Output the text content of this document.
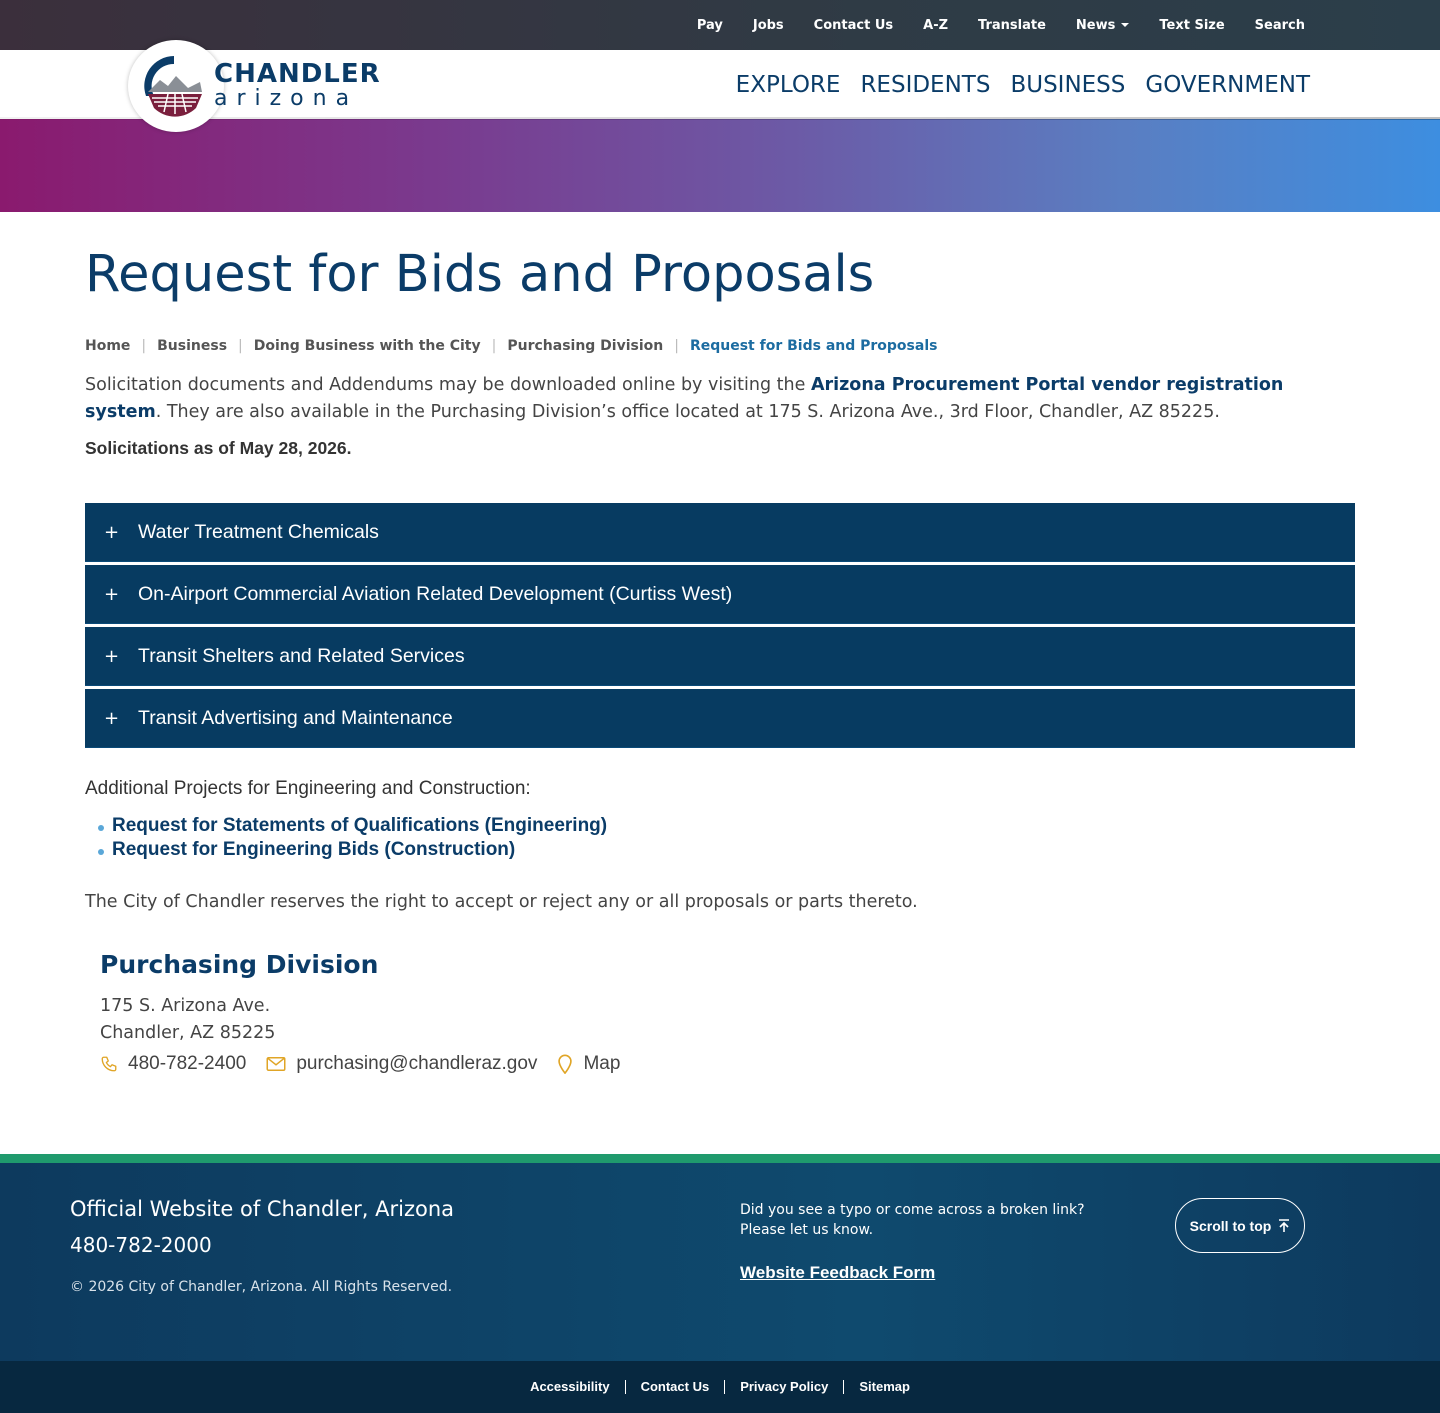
Pay Jobs Contact Us A-Z Translate News	Text Size Search
EXPLORE RESIDENTS BUSINESS GOVERNMENT
CHANDLER
arizona
Request for Bids and Proposals
Home | Business | Doing Business with the City | Purchasing Division | Request for Bids and Proposals

Solicitation documents and Addendums may be downloaded online by visiting the Arizona Procurement Portal vendor registration system. They are also available in the Purchasing Division’s office located at 175 S. Arizona Ave., 3rd Floor, Chandler, AZ 85225.

Solicitations as of May 28, 2026.

+ Water Treatment Chemicals
+ On-Airport Commercial Aviation Related Development (Curtiss West)
+ Transit Shelters and Related Services
+ Transit Advertising and Maintenance

Additional Projects for Engineering and Construction:

Request for Statements of Qualifications (Engineering)
Request for Engineering Bids (Construction)

The City of Chandler reserves the right to accept or reject any or all proposals or parts thereto.

Purchasing Division
175 S. Arizona Ave.
Chandler, AZ 85225
480-782-2400	purchasing@chandleraz.gov Map
Official Website of Chandler, Arizona
480-782-2000
© 2026 City of Chandler, Arizona. All Rights Reserved.
Did you see a typo or come across a broken link?
Please let us know.
Website Feedback Form
Scroll to top
Accessibility	Contact Us	Privacy Policy	Sitemap
